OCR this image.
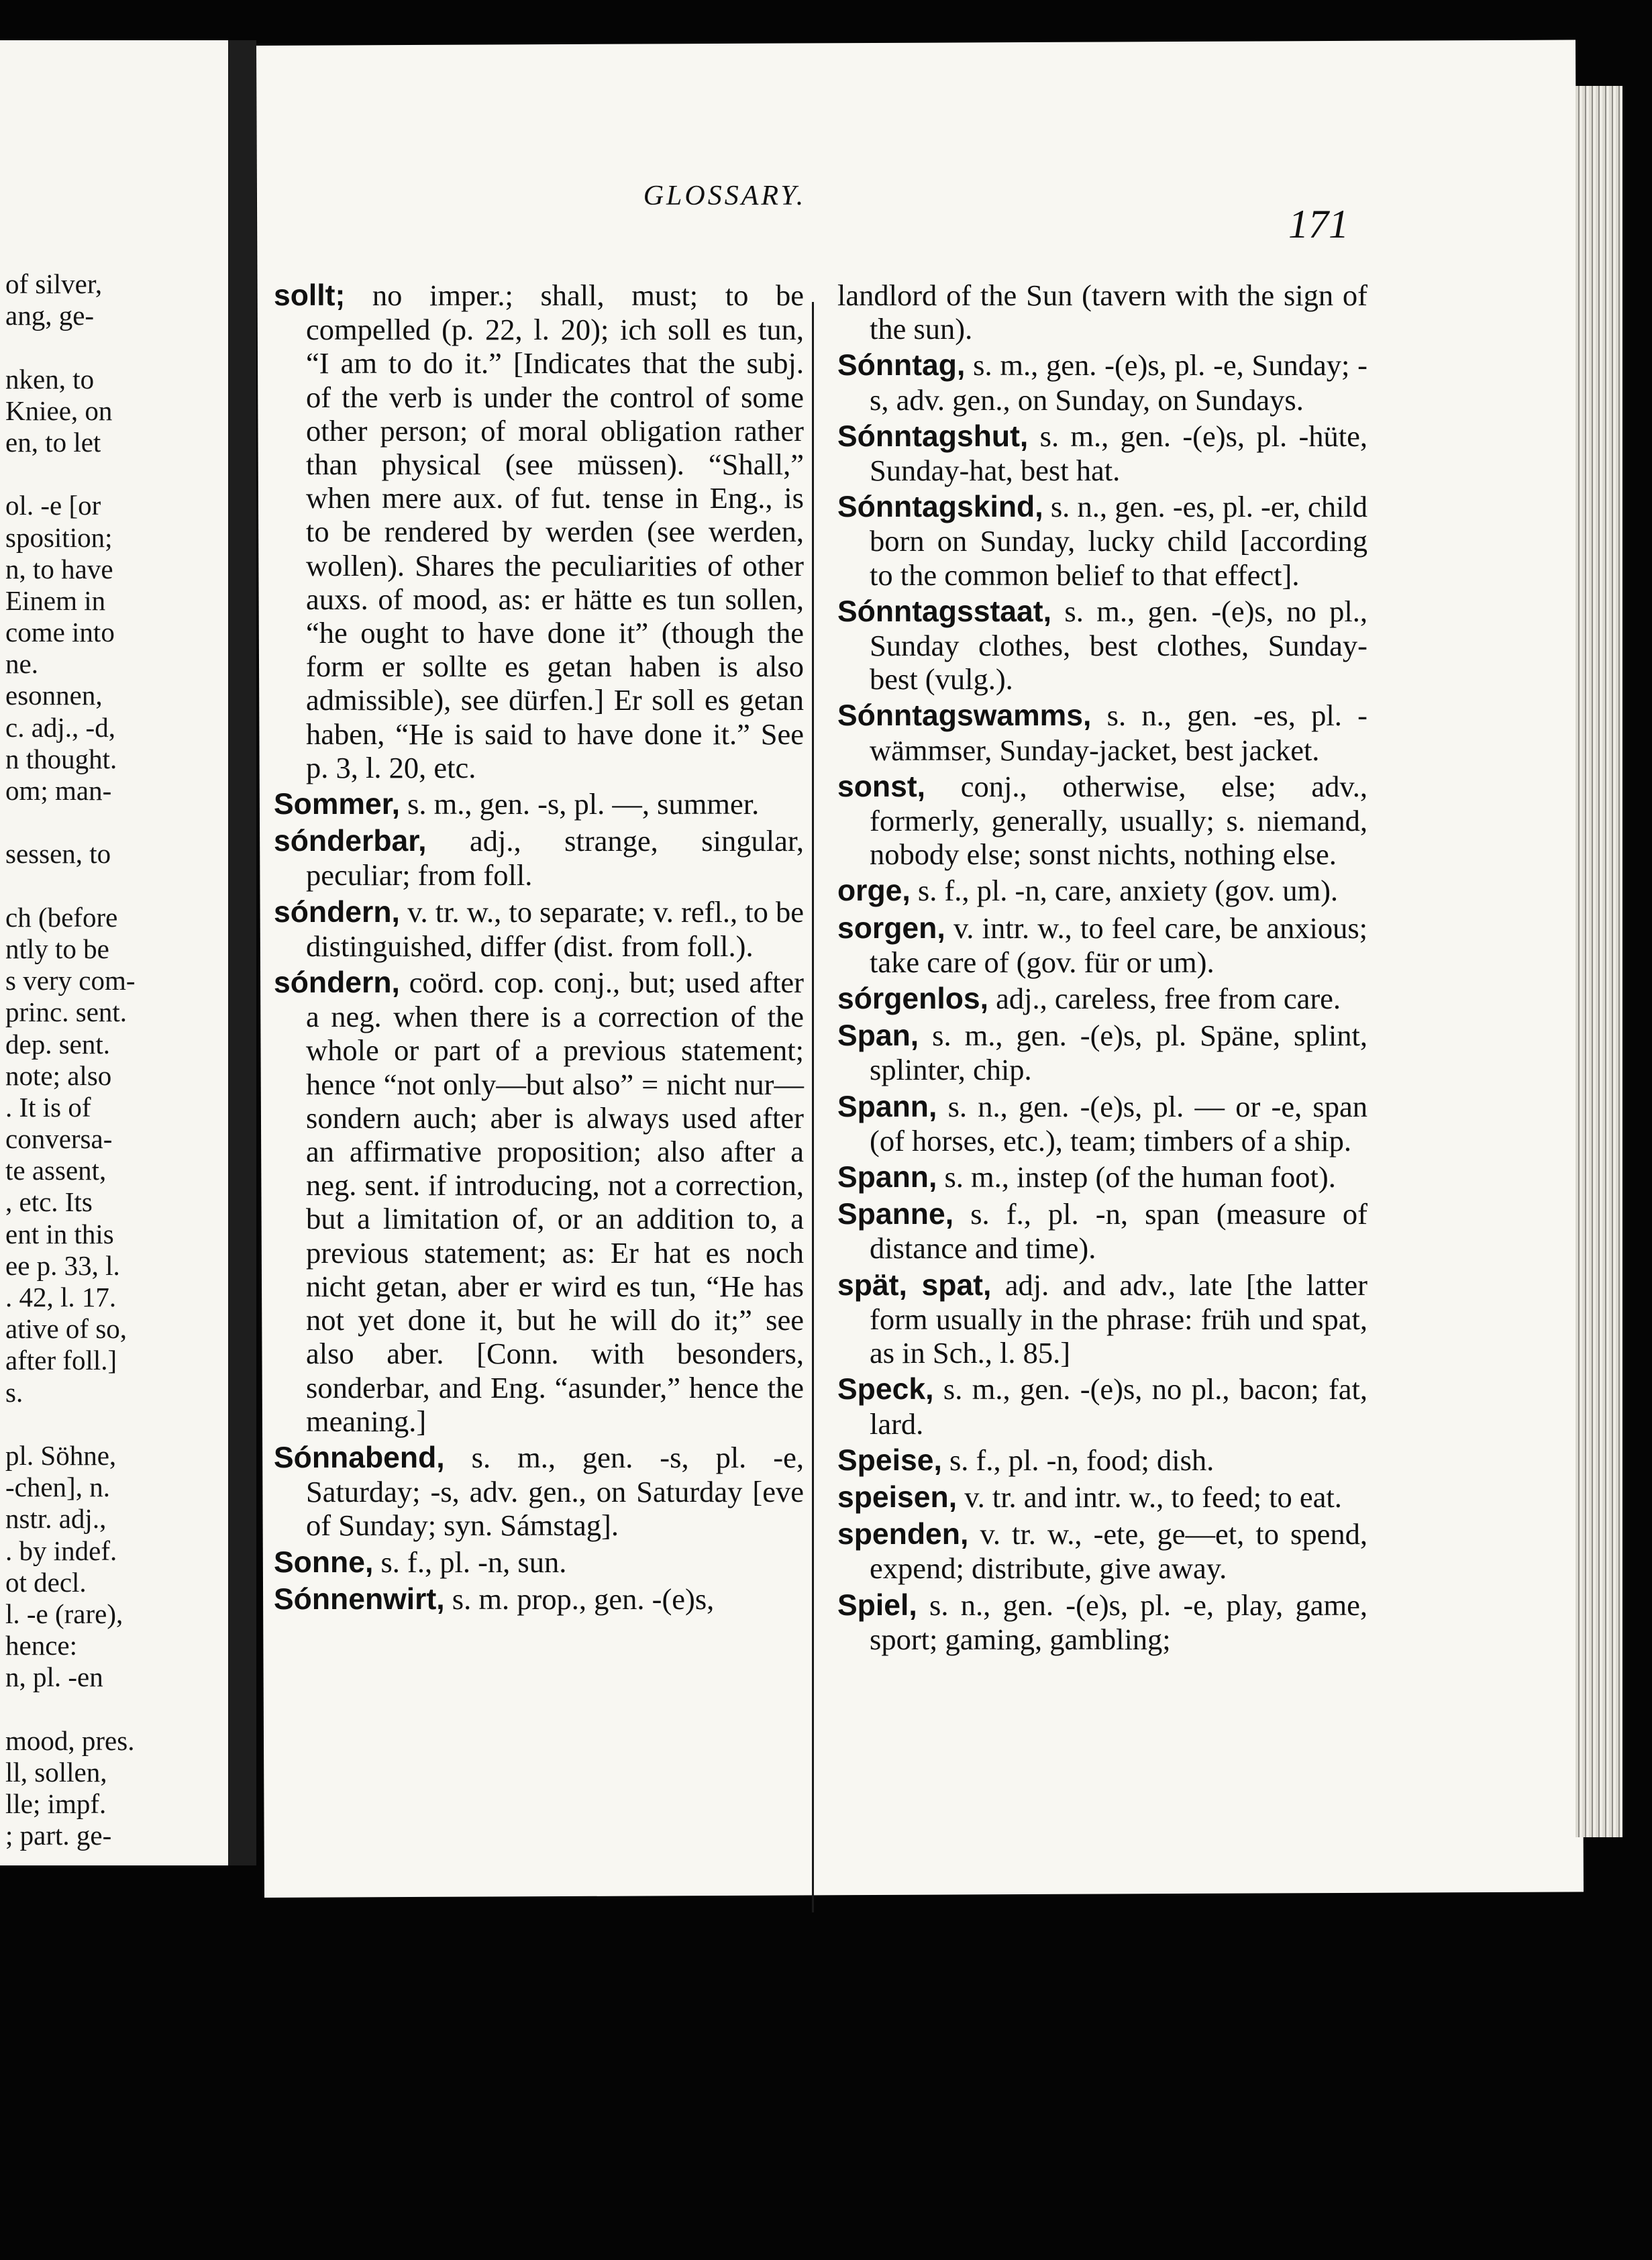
of silver,
ang, ge-
nken, to
Kniee, on
en, to let
ol. -e [or
sposition;
n, to have
Einem in
come into
ne.
esonnen,
c. adj., -d,
n thought.
om; man-
sessen, to
ch (before
ntly to be
s very com-
princ. sent.
dep. sent.
note; also
. It is of
conversa-
te assent,
, etc. Its
ent in this
ee p. 33, l.
. 42, l. 17.
ative of so,
after foll.]
s.
pl. Söhne,
-chen], n.
nstr. adj.,
. by indef.
ot decl.
l. -e (rare),
hence:
n, pl. -en
mood, pres.
ll, sollen,
lle; impf.
; part. ge-
GLOSSARY.
171

sollt; no imper.; shall, must; to be compelled (p. 22, l. 20); ich soll es tun, “I am to do it.” [Indicates that the subj. of the verb is under the control of some other person; of moral obligation rather than physical (see müssen). “Shall,” when mere aux. of fut. tense in Eng., is to be rendered by werden (see werden, wollen). Shares the peculiarities of other auxs. of mood, as: er hätte es tun sollen, “he ought to have done it” (though the form er sollte es getan haben is also admissible), see dürfen.] Er soll es getan haben, “He is said to have done it.” See p. 3, l. 20, etc.

Sommer, s. m., gen. -s, pl. —, summer.

sónderbar, adj., strange, singular, peculiar; from foll.

sóndern, v. tr. w., to separate; v. refl., to be distinguished, differ (dist. from foll.).

sóndern, coörd. cop. conj., but; used after a neg. when there is a correction of the whole or part of a previous statement; hence “not only—but also” = nicht nur—sondern auch; aber is always used after an affirmative proposition; also after a neg. sent. if introducing, not a correction, but a limitation of, or an addition to, a previous statement; as: Er hat es noch nicht getan, aber er wird es tun, “He has not yet done it, but he will do it;” see also aber. [Conn. with besonders, sonderbar, and Eng. “asunder,” hence the meaning.]

Sónnabend, s. m., gen. -s, pl. -e, Saturday; -s, adv. gen., on Saturday [eve of Sunday; syn. Sámstag].

Sonne, s. f., pl. -n, sun.

Sónnenwirt, s. m. prop., gen. -(e)s,

landlord of the Sun (tavern with the sign of the sun).

Sónntag, s. m., gen. -(e)s, pl. -e, Sunday; -s, adv. gen., on Sunday, on Sundays.

Sónntagshut, s. m., gen. -(e)s, pl. -hüte, Sunday-hat, best hat.

Sónntagskind, s. n., gen. -es, pl. -er, child born on Sunday, lucky child [according to the common belief to that effect].

Sónntagsstaat, s. m., gen. -(e)s, no pl., Sunday clothes, best clothes, Sunday-best (vulg.).

Sónntagswamms, s. n., gen. -es, pl. -wämmser, Sunday-jacket, best jacket.

sonst, conj., otherwise, else; adv., formerly, generally, usually; s. niemand, nobody else; sonst nichts, nothing else.

orge, s. f., pl. -n, care, anxiety (gov. um).

sorgen, v. intr. w., to feel care, be anxious; take care of (gov. für or um).

sórgenlos, adj., careless, free from care.

Span, s. m., gen. -(e)s, pl. Späne, splint, splinter, chip.

Spann, s. n., gen. -(e)s, pl. — or -e, span (of horses, etc.), team; timbers of a ship.

Spann, s. m., instep (of the human foot).

Spanne, s. f., pl. -n, span (measure of distance and time).

spät, spat, adj. and adv., late [the latter form usually in the phrase: früh und spat, as in Sch., l. 85.]

Speck, s. m., gen. -(e)s, no pl., bacon; fat, lard.

Speise, s. f., pl. -n, food; dish.

speisen, v. tr. and intr. w., to feed; to eat.

spenden, v. tr. w., -ete, ge—et, to spend, expend; distribute, give away.

Spiel, s. n., gen. -(e)s, pl. -e, play, game, sport; gaming, gambling;
